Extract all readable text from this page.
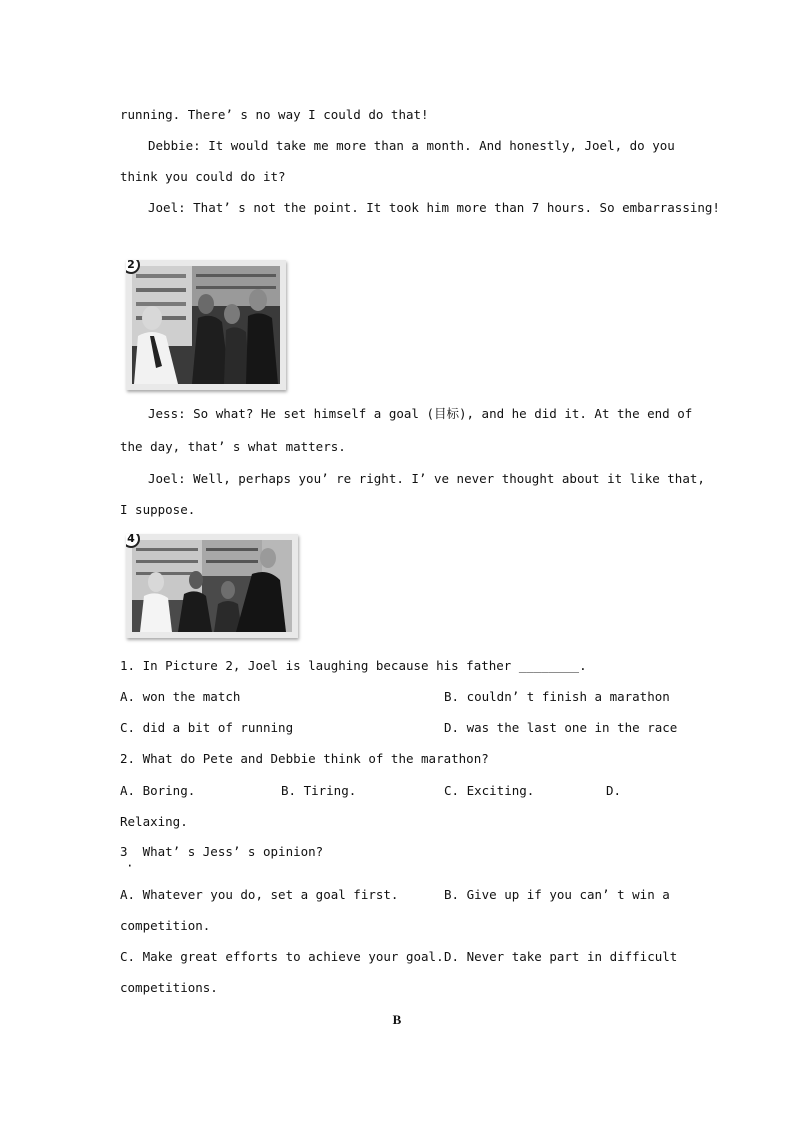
running. There’ s no way I could do that!

Debbie: It would take me more than a month. And honestly, Joel, do you

think you could do it?

Joel: That’ s not the point. It took him more than 7 hours. So embarrassing!

2

Jess: So what? He set himself a goal (目标), and he did it. At the end of

the day, that’ s what matters.

Joel: Well, perhaps you’ re right. I’ ve never thought about it like that,

I suppose.

4

1. In Picture 2, Joel is laughing because his father ________.

A. won the match	B. couldn’ t finish a marathon

C. did a bit of running	D. was the last one in the race

2. What do Pete and Debbie think of the marathon?

A. Boring.	B. Tiring.	C. Exciting.	D.

Relaxing.

3  What’ s Jess’ s opinion?

·

A. Whatever you do, set a goal first.	B. Give up if you can’ t win a

competition.

C. Make great efforts to achieve your goal. D. Never take part in difficult

competitions.

B
